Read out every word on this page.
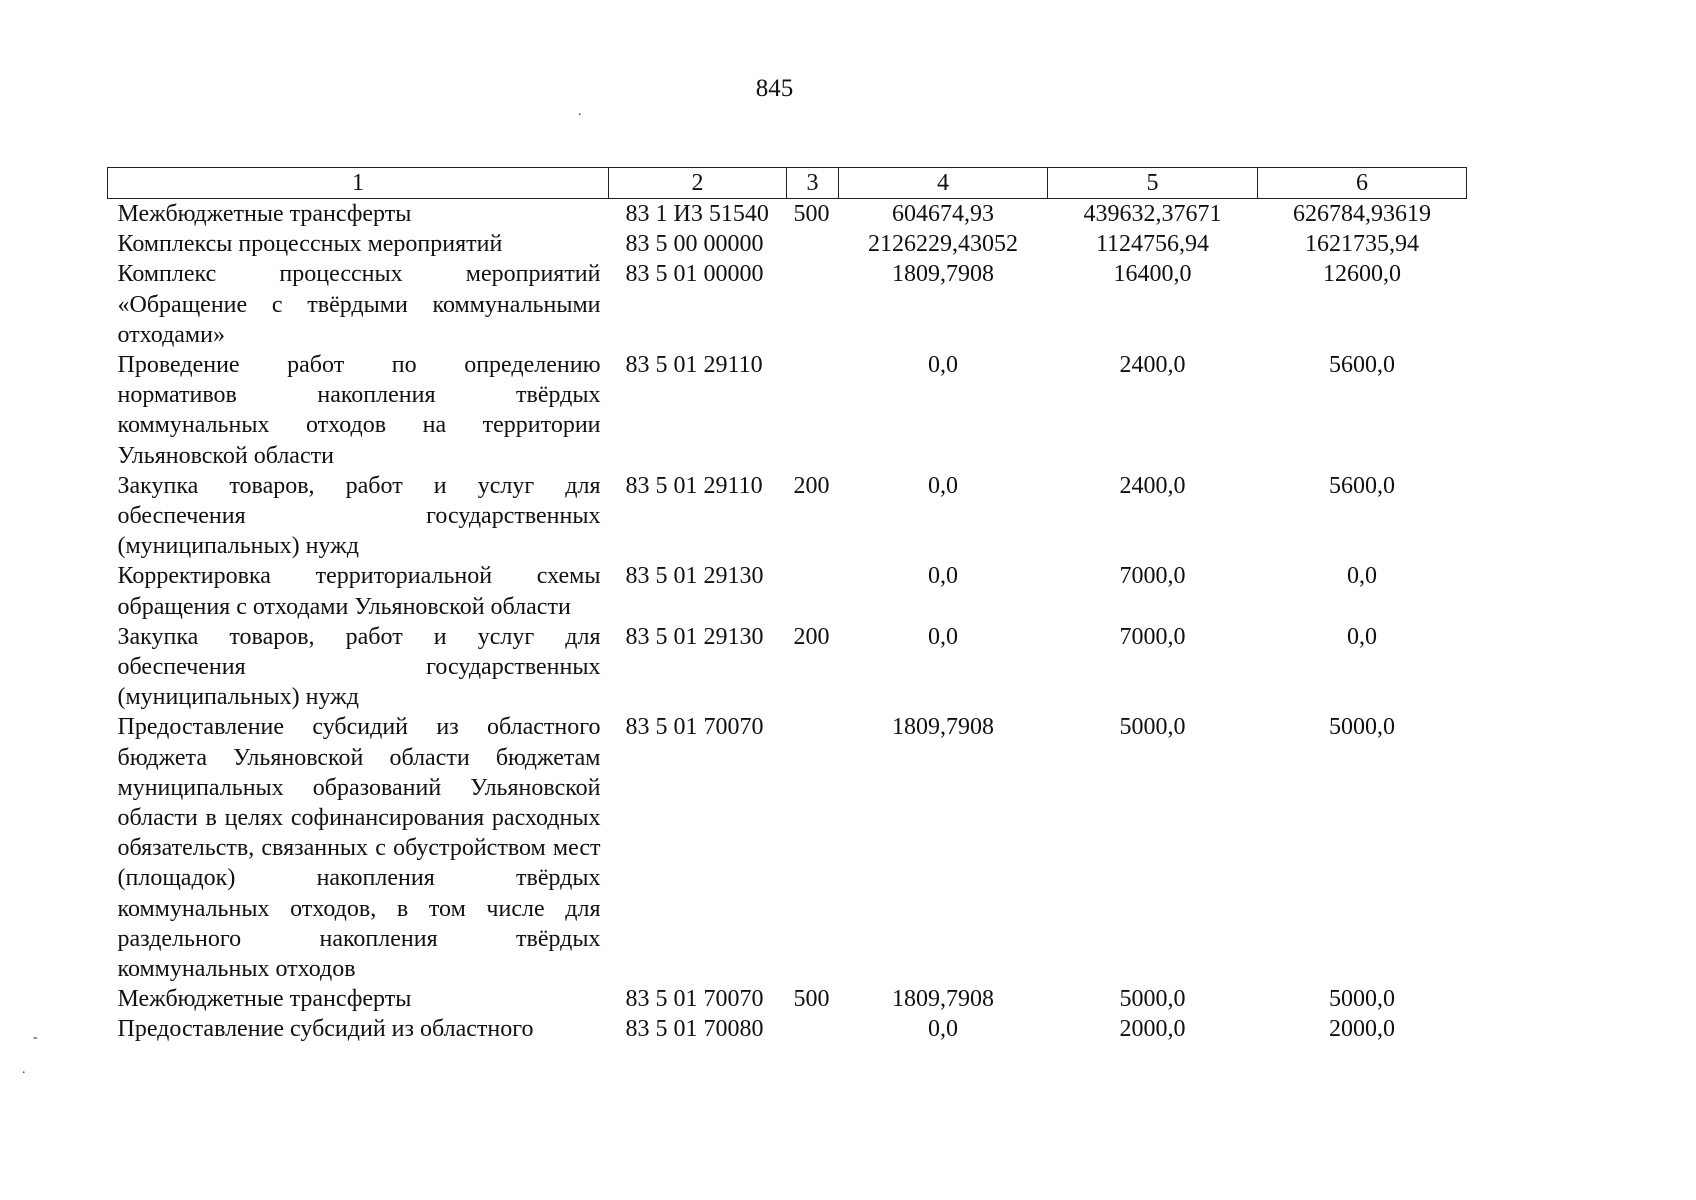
845
1	2	3	4	5	6
Межбюджетные трансферты	83 1 И3 51540	500	604674,93	439632,37671	626784,93619
Комплексы процессных мероприятий	83 5 00 00000		2126229,43052	1124756,94	1621735,94
Комплекс процессных мероприятий «Обращение с твёрдыми коммунальными отходами»	83 5 01 00000		1809,7908	16400,0	12600,0
Проведение работ по определению нормативов накопления твёрдых коммунальных отходов на территории Ульяновской области	83 5 01 29110		0,0	2400,0	5600,0
Закупка товаров, работ и услуг для обеспечения государственных (муниципальных) нужд	83 5 01 29110	200	0,0	2400,0	5600,0
Корректировка территориальной схемы обращения с отходами Ульяновской области	83 5 01 29130		0,0	7000,0	0,0
Закупка товаров, работ и услуг для обеспечения государственных (муниципальных) нужд	83 5 01 29130	200	0,0	7000,0	0,0
Предоставление субсидий из областного бюджета Ульяновской области бюджетам муниципальных образований Ульяновской области в целях софинансирования расходных обязательств, связанных с обустройством мест (площадок) накопления твёрдых коммунальных отходов, в том числе для раздельного накопления твёрдых коммунальных отходов	83 5 01 70070		1809,7908	5000,0	5000,0
Межбюджетные трансферты	83 5 01 70070	500	1809,7908	5000,0	5000,0
Предоставление субсидий из областного	83 5 01 70080		0,0	2000,0	2000,0
.
-
.
